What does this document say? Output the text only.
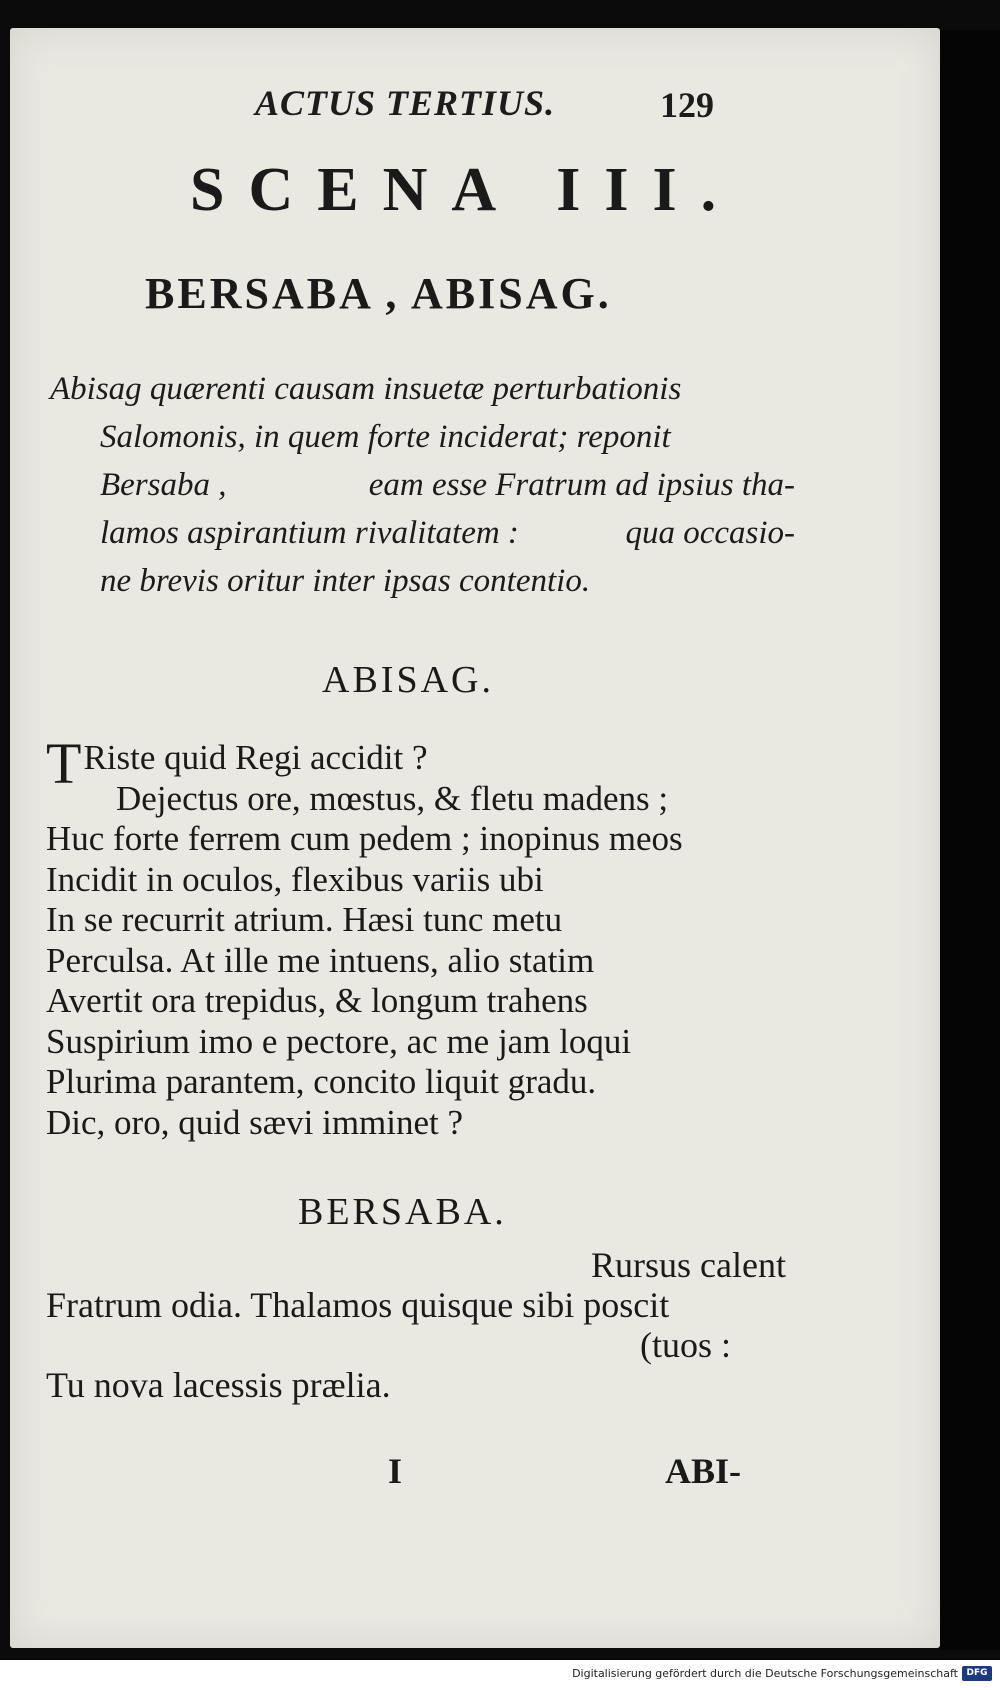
ACTUS TERTIUS.	129
SCENA III.
BERSABA , ABISAG.
Abisag quærenti causam insuetæ perturbationis
Salomonis, in quem forte inciderat; reponit
Bersaba ,	eam esse Fratrum ad ipsius tha-
lamos aspirantium rivalitatem :	qua occasio-
ne brevis oritur inter ipsas contentio.
ABISAG.
T Riste quid Regi accidit ?
Dejectus ore, mœstus, & fletu madens ;
Huc forte ferrem cum pedem ; inopinus meos
Incidit in oculos, flexibus variis ubi
In se recurrit atrium. Hæsi tunc metu
Perculsa. At ille me intuens, alio statim
Avertit ora trepidus, & longum trahens
Suspirium imo e pectore, ac me jam loqui
Plurima parantem, concito liquit gradu.
Dic, oro, quid sævi imminet ?
BERSABA.
Rursus calent
Fratrum odia. Thalamos quisque sibi poscit
(tuos :
Tu nova lacessis prælia.
I	ABI-
Digitalisierung gefördert durch die Deutsche Forschungsgemeinschaft DFG
